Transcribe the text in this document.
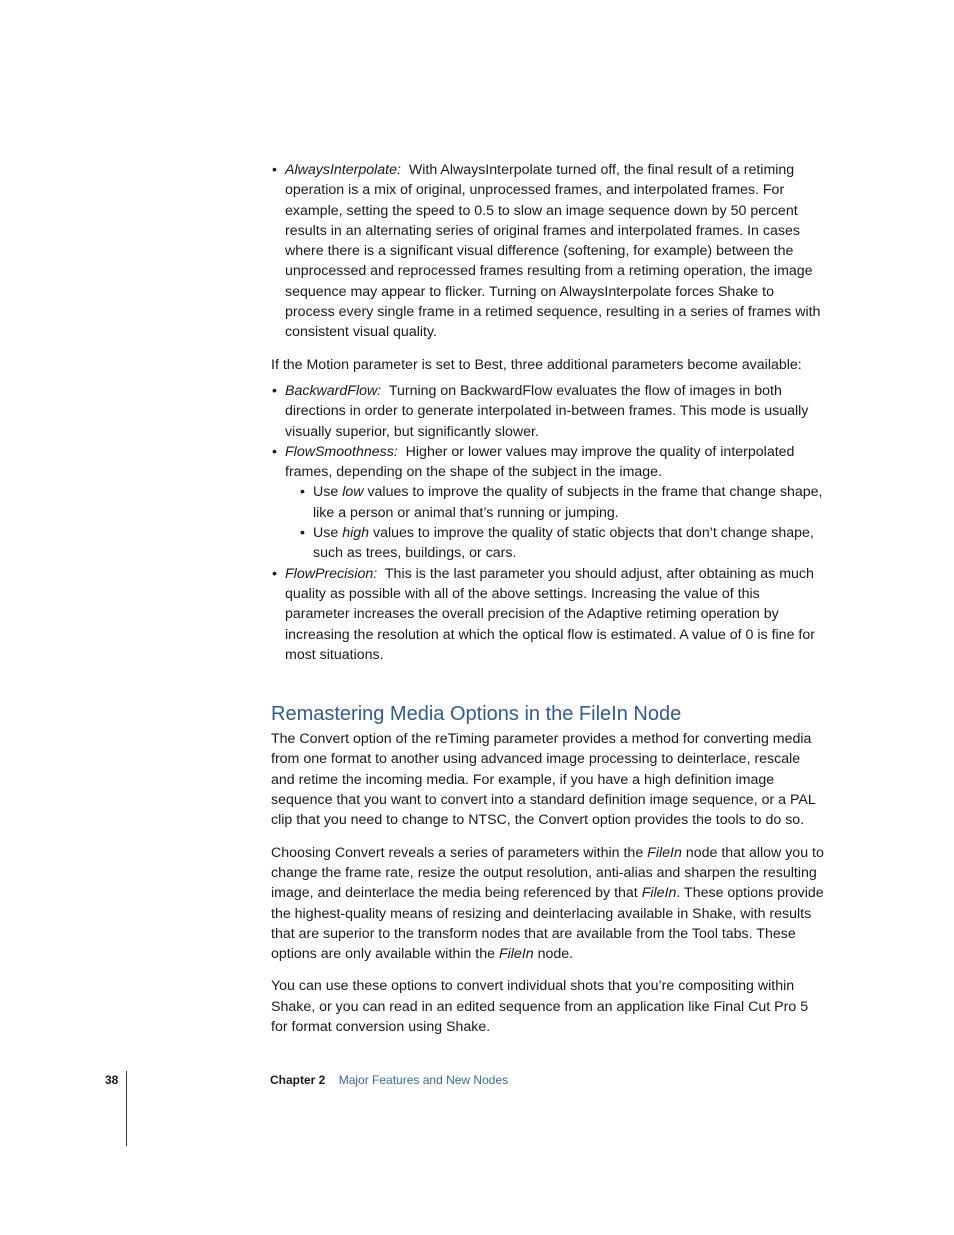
• AlwaysInterpolate: With AlwaysInterpolate turned off, the final result of a retiming operation is a mix of original, unprocessed frames, and interpolated frames. For example, setting the speed to 0.5 to slow an image sequence down by 50 percent results in an alternating series of original frames and interpolated frames. In cases where there is a significant visual difference (softening, for example) between the unprocessed and reprocessed frames resulting from a retiming operation, the image sequence may appear to flicker. Turning on AlwaysInterpolate forces Shake to process every single frame in a retimed sequence, resulting in a series of frames with consistent visual quality.

If the Motion parameter is set to Best, three additional parameters become available:

• BackwardFlow: Turning on BackwardFlow evaluates the flow of images in both directions in order to generate interpolated in-between frames. This mode is usually visually superior, but significantly slower.
• FlowSmoothness: Higher or lower values may improve the quality of interpolated frames, depending on the shape of the subject in the image.
• Use low values to improve the quality of subjects in the frame that change shape, like a person or animal that’s running or jumping.
• Use high values to improve the quality of static objects that don’t change shape, such as trees, buildings, or cars.
• FlowPrecision: This is the last parameter you should adjust, after obtaining as much quality as possible with all of the above settings. Increasing the value of this parameter increases the overall precision of the Adaptive retiming operation by increasing the resolution at which the optical flow is estimated. A value of 0 is fine for most situations.
Remastering Media Options in the FileIn Node

The Convert option of the reTiming parameter provides a method for converting media from one format to another using advanced image processing to deinterlace, rescale and retime the incoming media. For example, if you have a high definition image sequence that you want to convert into a standard definition image sequence, or a PAL clip that you need to change to NTSC, the Convert option provides the tools to do so.

Choosing Convert reveals a series of parameters within the FileIn node that allow you to change the frame rate, resize the output resolution, anti-alias and sharpen the resulting image, and deinterlace the media being referenced by that FileIn. These options provide the highest-quality means of resizing and deinterlacing available in Shake, with results that are superior to the transform nodes that are available from the Tool tabs. These options are only available within the FileIn node.

You can use these options to convert individual shots that you’re compositing within Shake, or you can read in an edited sequence from an application like Final Cut Pro 5 for format conversion using Shake.

38	Chapter 2 Major Features and New Nodes
